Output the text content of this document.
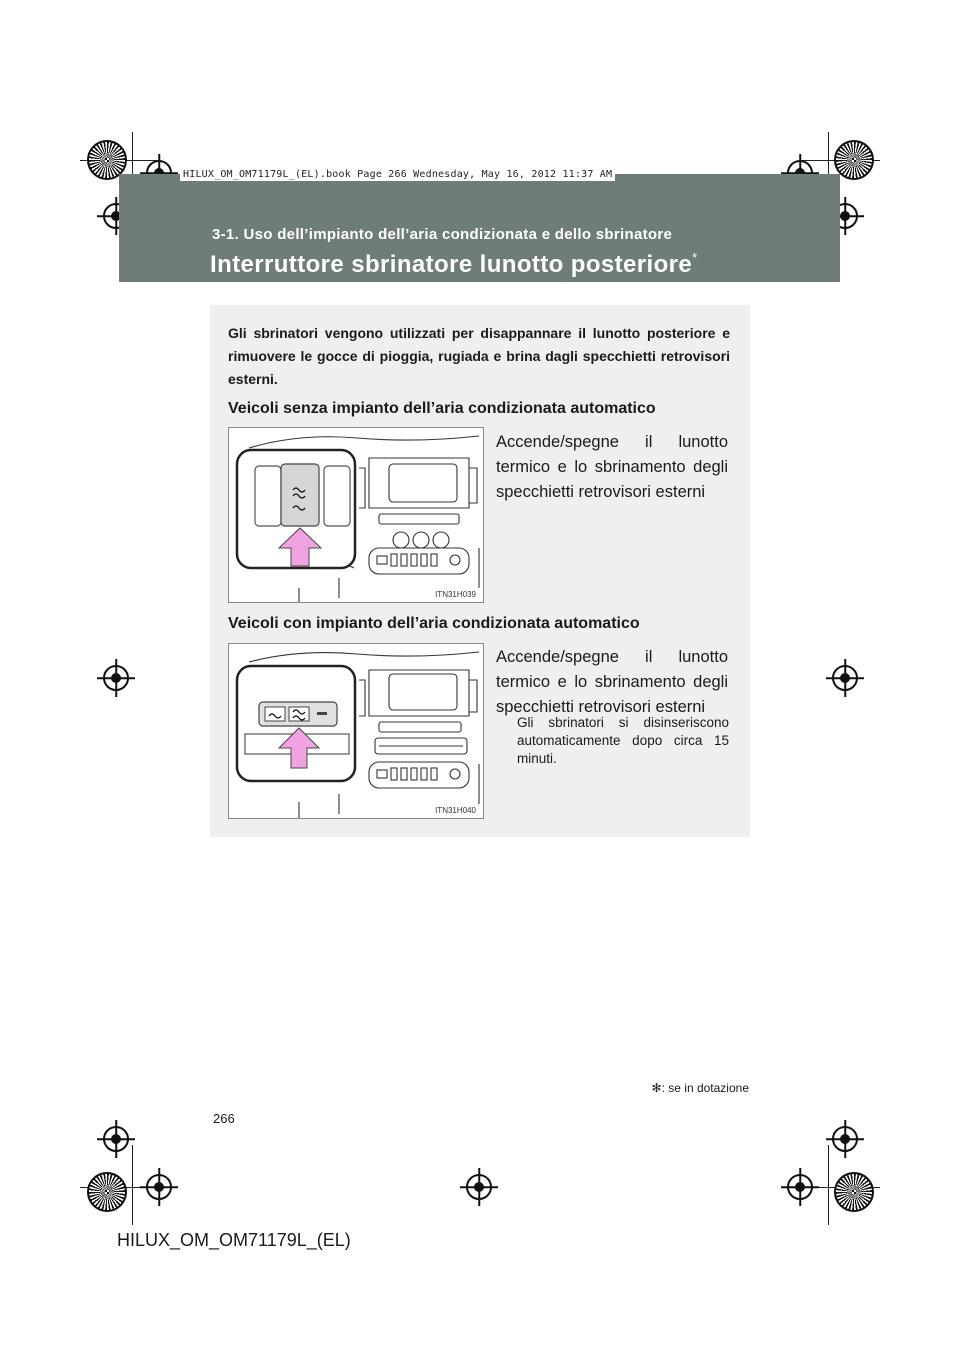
HILUX_OM_OM71179L_(EL).book Page 266 Wednesday, May 16, 2012 11:37 AM
3-1. Uso dell’impianto dell’aria condizionata e dello sbrinatore
Interruttore sbrinatore lunotto posteriore*
Gli sbrinatori vengono utilizzati per disappannare il lunotto posteriore e rimuovere le gocce di pioggia, rugiada e brina dagli specchietti retrovisori esterni.
Veicoli senza impianto dell’aria condizionata automatico
ITN31H039
Accende/spegne il lunotto termico e lo sbrinamento degli specchietti retrovisori esterni
Veicoli con impianto dell’aria condizionata automatico
ITN31H040
Accende/spegne il lunotto termico e lo sbrinamento degli specchietti retrovisori esterni
Gli sbrinatori si disinseriscono automaticamente dopo circa 15 minuti.
✻: se in dotazione
266
HILUX_OM_OM71179L_(EL)
